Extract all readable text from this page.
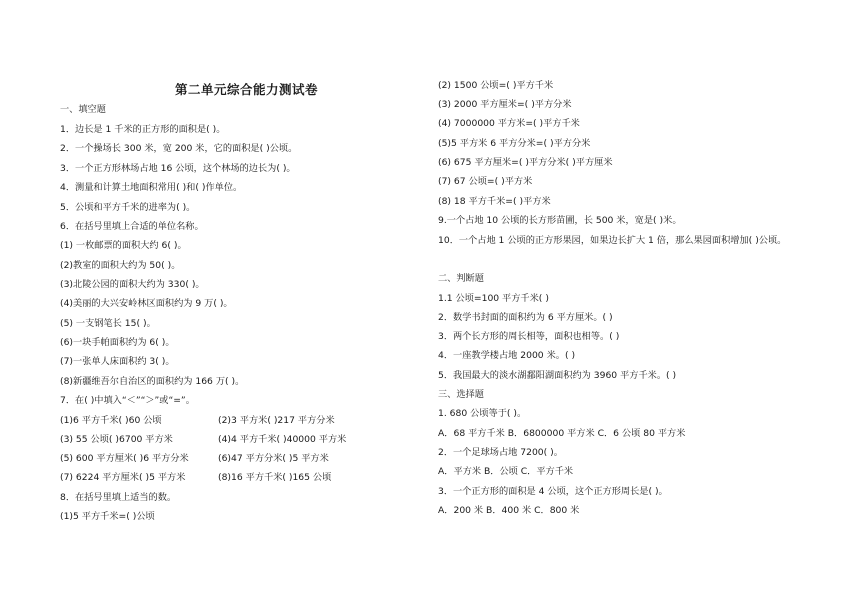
第二单元综合能力测试卷
一、填空题
1．边长是 1 千米的正方形的面积是( )。
2．一个操场长 300 米，宽 200 米，它的面积是( )公顷。
3．一个正方形林场占地 16 公顷，这个林场的边长为( )。
4．测量和计算土地面积常用( )和( )作单位。
5．公顷和平方千米的进率为( )。
6．在括号里填上合适的单位名称。
(1) 一枚邮票的面积大约 6( )。
(2)教室的面积大约为 50( )。
(3)北陵公园的面积大约为 330( )。
(4)美丽的大兴安岭林区面积约为 9 万( )。
(5) 一支钢笔长 15( )。
(6)一块手帕面积约为 6( )。
(7)一张单人床面积约 3( )。
(8)新疆维吾尔自治区的面积约为 166 万( )。
7．在( )中填入“＜”“＞”或“=”。
(1)6 平方千米( )60 公顷	(2)3 平方米( )217 平方分米
(3) 55 公顷( )6700 平方米	(4)4 平方千米( )40000 平方米
(5) 600 平方厘米( )6 平方分米	(6)47 平方分米( )5 平方米
(7) 6224 平方厘米( )5 平方米	(8)16 平方千米( )165 公顷
8．在括号里填上适当的数。
(1)5 平方千米=( )公顷
(2) 1500 公顷=( )平方千米
(3) 2000 平方厘米=( )平方分米
(4) 7000000 平方米=( )平方千米
(5)5 平方米 6 平方分米=( )平方分米
(6) 675 平方厘米=( )平方分米( )平方厘米
(7) 67 公顷=( )平方米
(8) 18 平方千米=( )平方米
9.一个占地 10 公顷的长方形苗圃，长 500 米，宽是( )米。
10．一个占地 1 公顷的正方形果园，如果边长扩大 1 倍，那么果园面积增加( )公顷。
二、判断题
1.1 公顷=100 平方千米( )
2．数学书封面的面积约为 6 平方厘米。( )
3．两个长方形的周长相等，面积也相等。( )
4．一座教学楼占地 2000 米。( )
5．我国最大的淡水湖鄱阳湖面积约为 3960 平方千米。( )
三、选择题
1. 680 公顷等于( )。
A．68 平方千米 B．6800000 平方米 C．6 公顷 80 平方米
2．一个足球场占地 7200( )。
A．平方米 B．公顷 C．平方千米
3．一个正方形的面积是 4 公顷，这个正方形周长是( )。
A．200 米 B．400 米 C．800 米
